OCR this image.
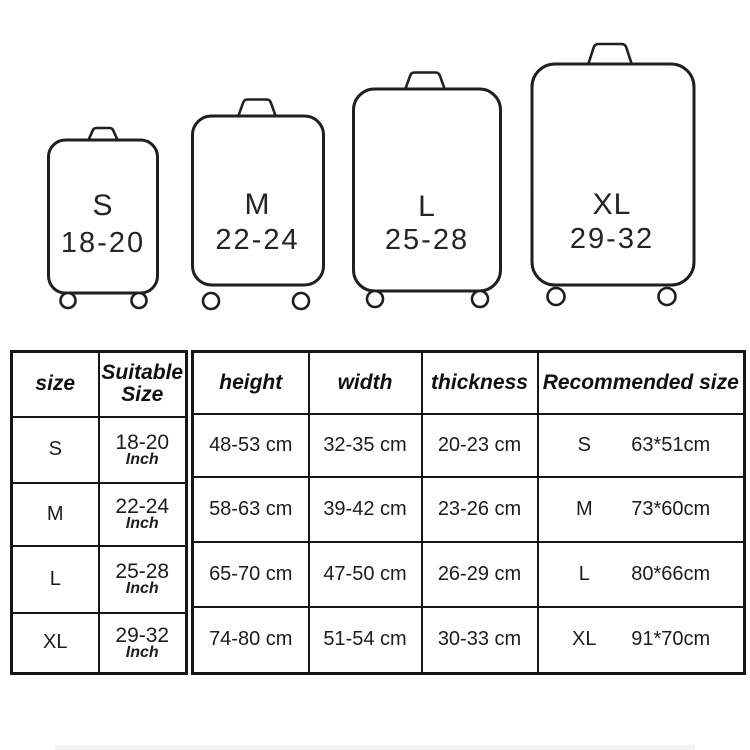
S
18-20
M
22-24
L
25-28
XL
29-32
size	Suitable Size
S	18-20
Inch

M	22-24
Inch

L	25-28
Inch

XL	29-32
Inch
height	width	thickness	Recommended size
48-53 cm	32-35 cm	20-23 cm	S 63*51cm

58-63 cm	39-42 cm	23-26 cm	M 73*60cm

65-70 cm	47-50 cm	26-29 cm	L 80*66cm

74-80 cm	51-54 cm	30-33 cm	XL 91*70cm
